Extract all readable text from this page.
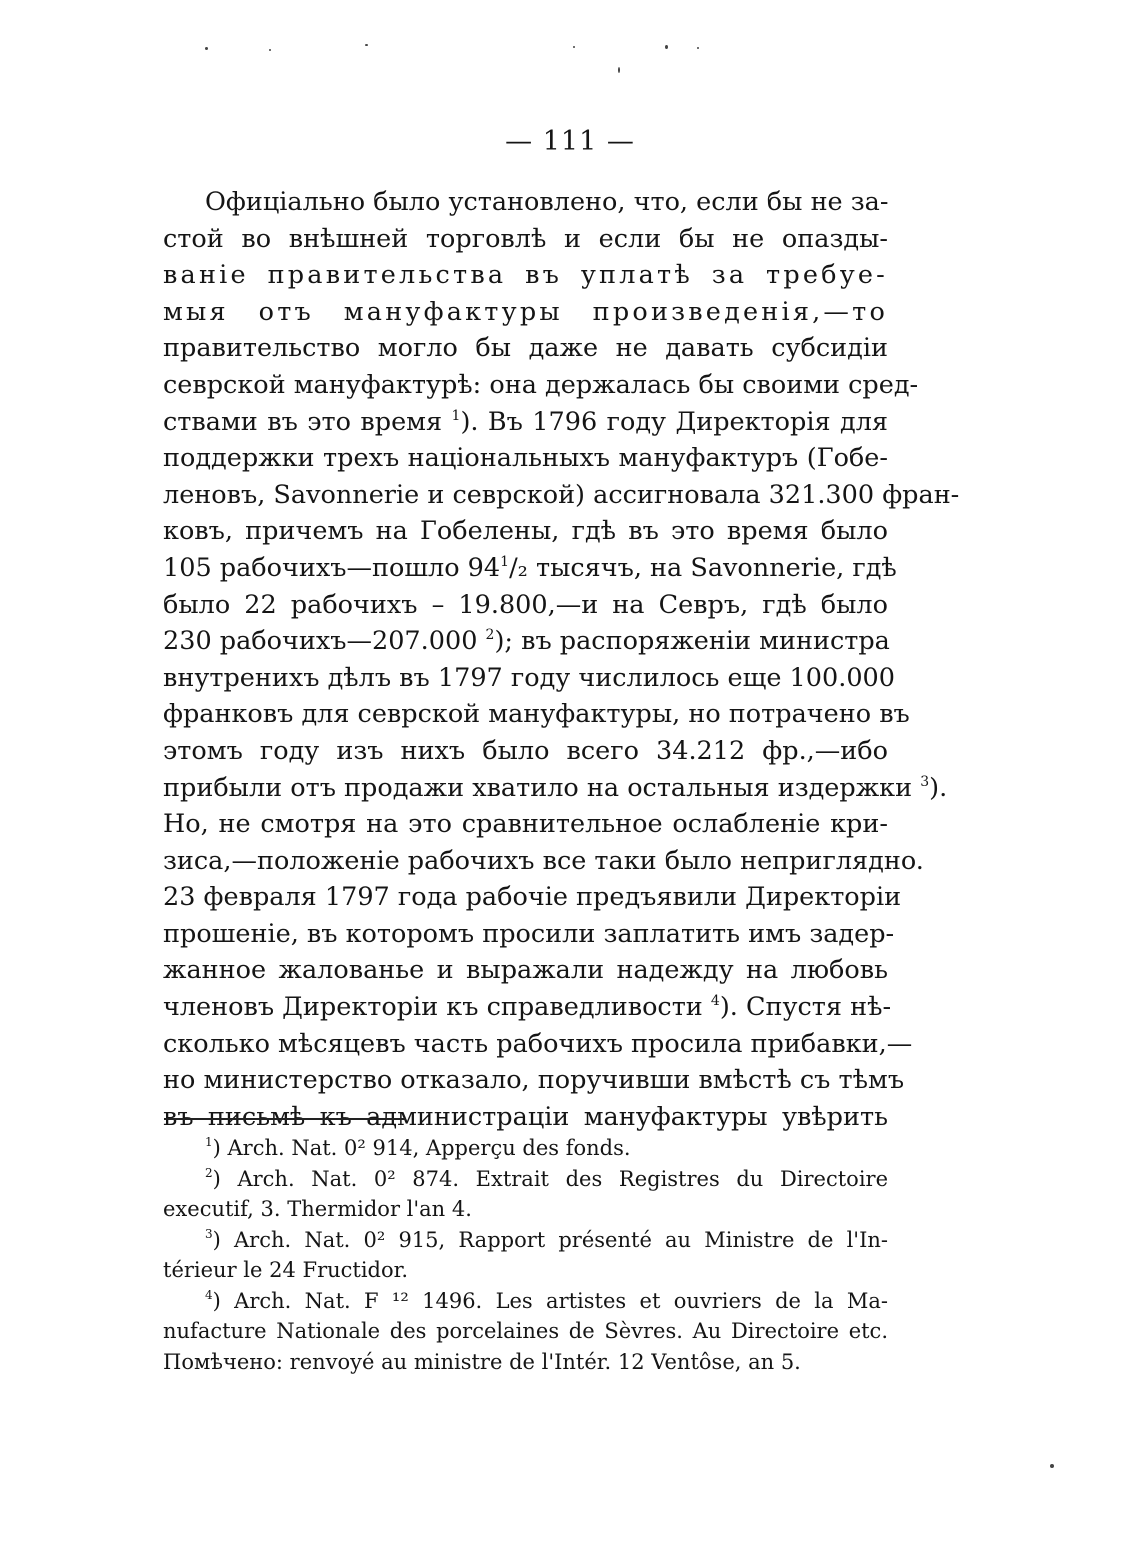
— 111 —
Офиціально было установлено, что, если бы не за-
стой во внѣшней торговлѣ и если бы не опазды-
ваніе правительства въ уплатѣ за требуе-
мыя отъ мануфактуры произведенія,—то
правительство могло бы даже не давать субсидіи
севрской мануфактурѣ: она держалась бы своими сред-
ствами въ это время $^1$). Въ 1796 году Директорія для
поддержки трехъ національныхъ мануфактуръ (Гобе-
леновъ, Savonnerie и севрской) ассигновала 321.300 фран-
ковъ, причемъ на Гобелены, гдѣ въ это время было
105 рабочихъ—пошло $94^1/_2$ тысячъ, на Savonnerie, гдѣ
было 22 рабочихъ – 19.800,—и на Севръ, гдѣ было
230 рабочихъ—207.000 $^2$); въ распоряженіи министра
внутренихъ дѣлъ въ 1797 году числилось еще 100.000
франковъ для севрской мануфактуры, но потрачено въ
этомъ году изъ нихъ было всего 34.212 фр.,—ибо
прибыли отъ продажи хватило на остальныя издержки $^3$).
Но, не смотря на это сравнительное ослабленіе кри-
зиса,—положеніе рабочихъ все таки было непригляднo.
23 февраля 1797 года рабочіе предъявили Директоріи
прошеніе, въ которомъ просили заплатить имъ задер-
жанное жалованье и выражали надежду на любовь
членовъ Директоріи къ справедливости $^4$). Спустя нѣ-
сколько мѣсяцевъ часть рабочихъ просила прибавки,—
но министерство отказало, поручивши вмѣстѣ съ тѣмъ
въ письмѣ къ администраціи мануфактуры увѣрить
$^1$) Arch. Nat. 0² 914, Apperçu des fonds.
$^2$) Arch. Nat. 0² 874. Extrait des Registres du Directoire
executif, 3. Thermidor l'an 4.
$^3$) Arch. Nat. 0² 915, Rapport présenté au Ministre de l'In-
térieur le 24 Fructidor.
$^4$) Arch. Nat. F ¹² 1496. Les artistes et ouvriers de la Ma-
nufacture Nationale des porcelaines de Sèvres. Au Directoire etc.
Помѣчено: renvoyé au ministre de l'Intér. 12 Ventôse, an 5.
